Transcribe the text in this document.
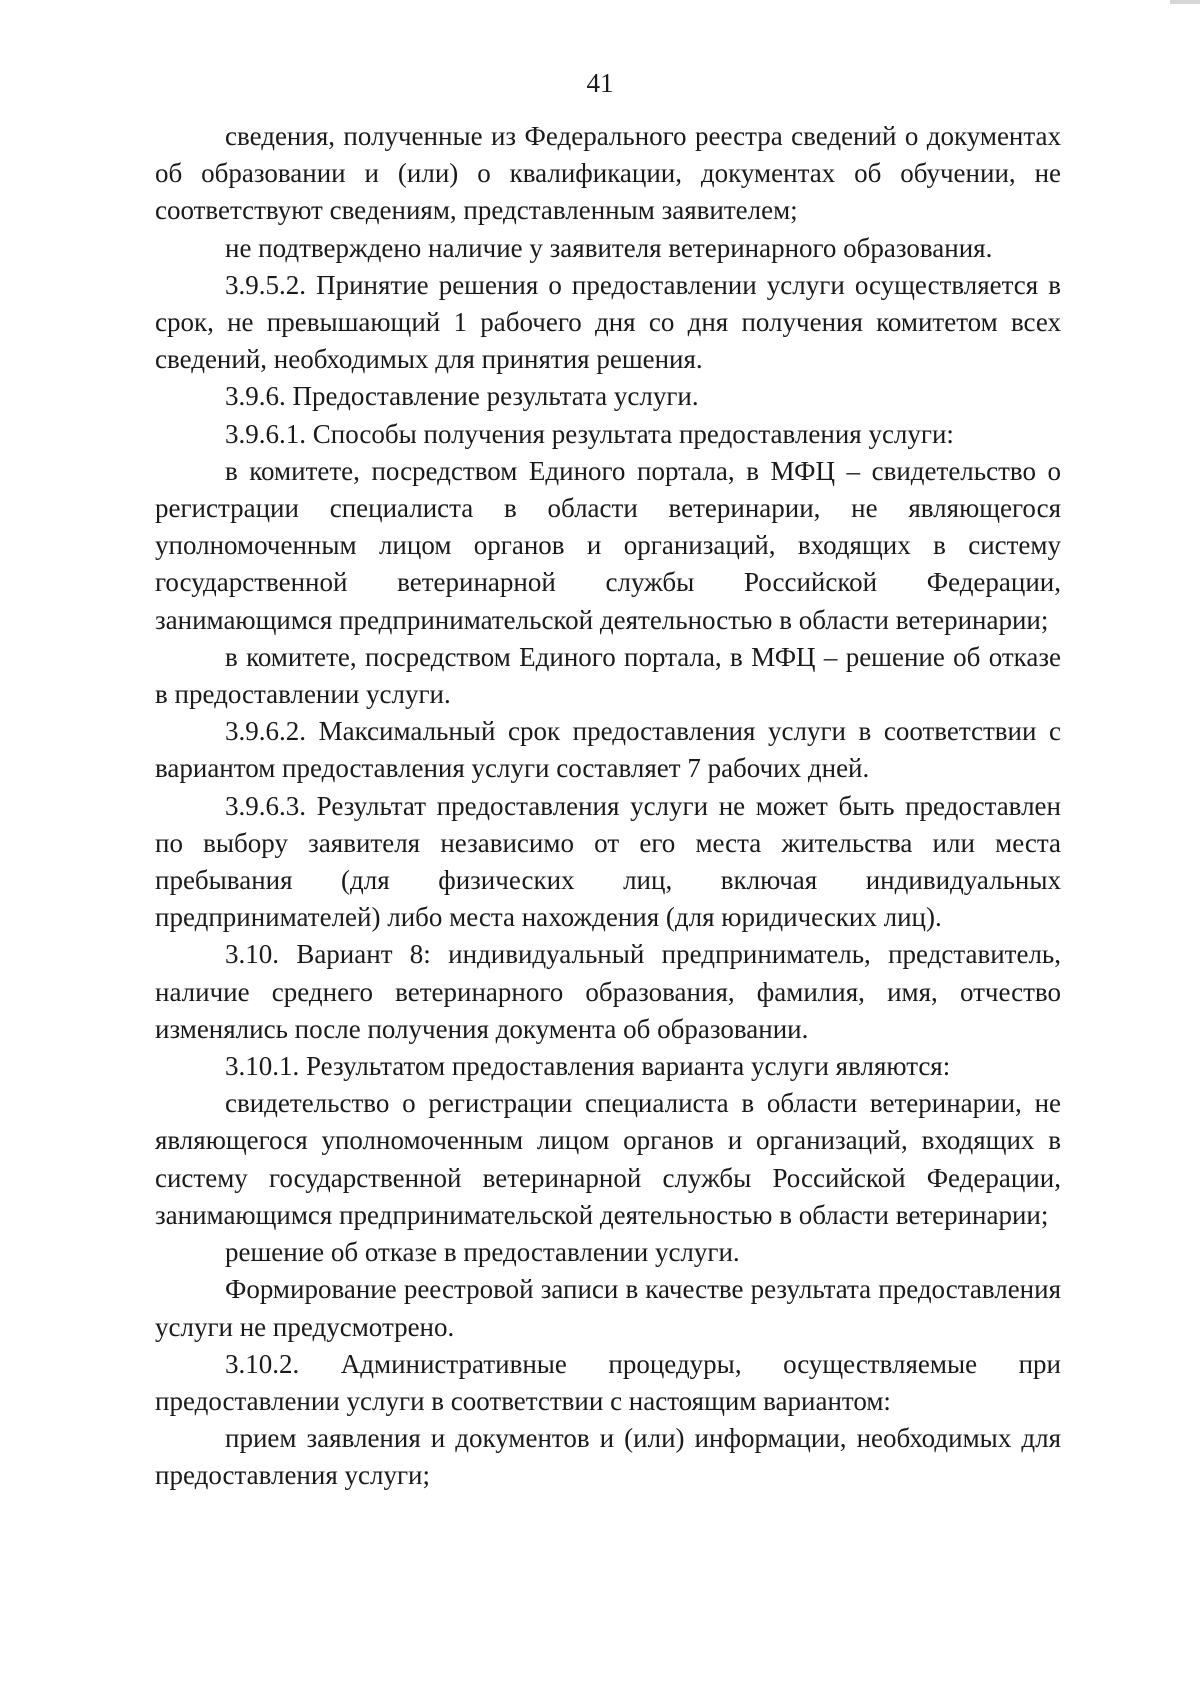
41

сведения, полученные из Федерального реестра сведений о документах об образовании и (или) о квалификации, документах об обучении, не соответствуют сведениям, представленным заявителем;

не подтверждено наличие у заявителя ветеринарного образования.

3.9.5.2. Принятие решения о предоставлении услуги осуществляется в срок, не превышающий 1 рабочего дня со дня получения комитетом всех сведений, необходимых для принятия решения.

3.9.6. Предоставление результата услуги.

3.9.6.1. Способы получения результата предоставления услуги:

в комитете, посредством Единого портала, в МФЦ – свидетельство о регистрации специалиста в области ветеринарии, не являющегося уполномоченным лицом органов и организаций, входящих в систему государственной ветеринарной службы Российской Федерации, занимающимся предпринимательской деятельностью в области ветеринарии;

в комитете, посредством Единого портала, в МФЦ – решение об отказе в предоставлении услуги.

3.9.6.2. Максимальный срок предоставления услуги в соответствии с вариантом предоставления услуги составляет 7 рабочих дней.

3.9.6.3. Результат предоставления услуги не может быть предоставлен по выбору заявителя независимо от его места жительства или места пребывания (для физических лиц, включая индивидуальных предпринимателей) либо места нахождения (для юридических лиц).

3.10. Вариант 8: индивидуальный предприниматель, представитель, наличие среднего ветеринарного образования, фамилия, имя, отчество изменялись после получения документа об образовании.

3.10.1. Результатом предоставления варианта услуги являются:

свидетельство о регистрации специалиста в области ветеринарии, не являющегося уполномоченным лицом органов и организаций, входящих в систему государственной ветеринарной службы Российской Федерации, занимающимся предпринимательской деятельностью в области ветеринарии;

решение об отказе в предоставлении услуги.

Формирование реестровой записи в качестве результата предоставления услуги не предусмотрено.

3.10.2. Административные процедуры, осуществляемые при предоставлении услуги в соответствии с настоящим вариантом:

прием заявления и документов и (или) информации, необходимых для предоставления услуги;
